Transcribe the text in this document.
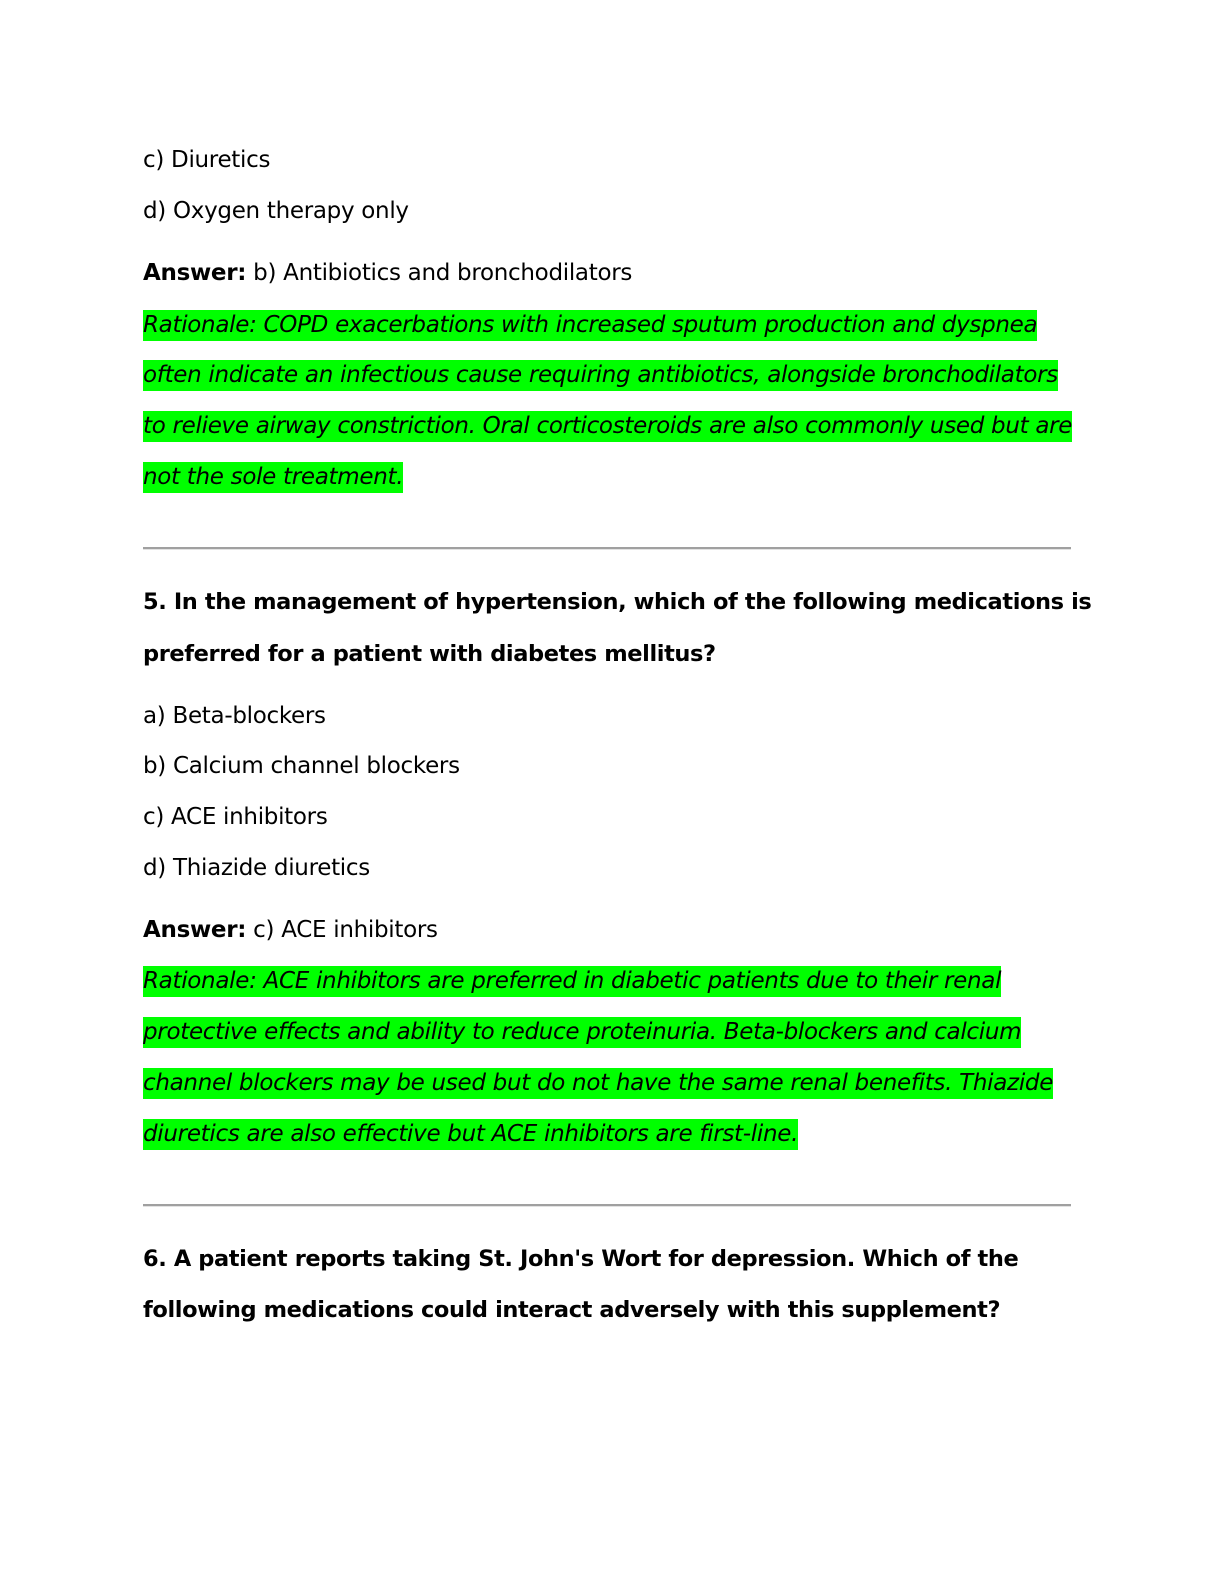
c) Diuretics
d) Oxygen therapy only
Answer: b) Antibiotics and bronchodilators
Rationale: COPD exacerbations with increased sputum production and dyspnea
often indicate an infectious cause requiring antibiotics, alongside bronchodilators
to relieve airway constriction. Oral corticosteroids are also commonly used but are
not the sole treatment.
5. In the management of hypertension, which of the following medications is
preferred for a patient with diabetes mellitus?
a) Beta-blockers
b) Calcium channel blockers
c) ACE inhibitors
d) Thiazide diuretics
Answer: c) ACE inhibitors
Rationale: ACE inhibitors are preferred in diabetic patients due to their renal
protective effects and ability to reduce proteinuria. Beta-blockers and calcium
channel blockers may be used but do not have the same renal benefits. Thiazide
diuretics are also effective but ACE inhibitors are first-line.
6. A patient reports taking St. John's Wort for depression. Which of the
following medications could interact adversely with this supplement?
